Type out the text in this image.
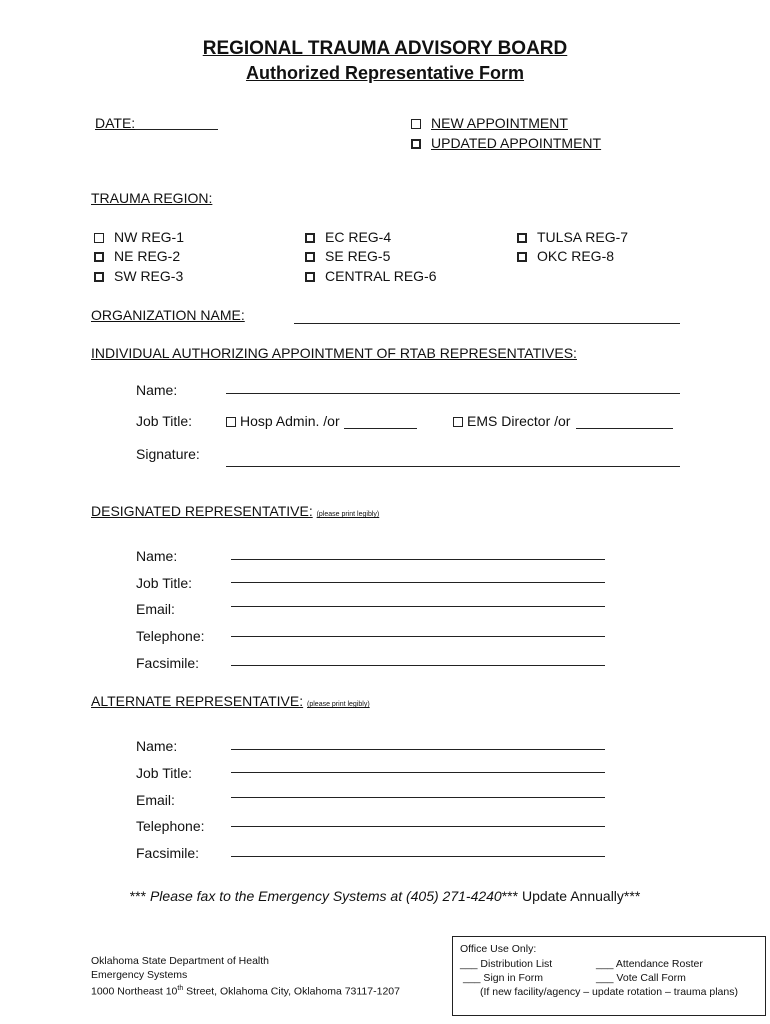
REGIONAL TRAUMA ADVISORY BOARD
Authorized Representative Form
DATE:	NEW APPOINTMENT
UPDATED APPOINTMENT
TRAUMA REGION:
NW REG-1
NE REG-2
SW REG-3
EC REG-4
SE REG-5
CENTRAL REG-6
TULSA REG-7
OKC REG-8
ORGANIZATION NAME:
INDIVIDUAL AUTHORIZING APPOINTMENT OF RTAB REPRESENTATIVES:
Name:
Job Title:	Hosp Admin. /or	EMS Director /or
Signature:
DESIGNATED REPRESENTATIVE: (please print legibly)
Name:
Job Title:
Email:
Telephone:
Facsimile:
ALTERNATE REPRESENTATIVE: (please print legibly)
Name:
Job Title:
Email:
Telephone:
Facsimile:
*** Please fax to the Emergency Systems at (405) 271-4240*** Update Annually***
Oklahoma State Department of Health
Emergency Systems
1000 Northeast 10th Street, Oklahoma City, Oklahoma 73117-1207
Office Use Only:
___ Distribution List	___ Attendance Roster
___ Sign in Form	___ Vote Call Form
(If new facility/agency – update rotation – trauma plans)
